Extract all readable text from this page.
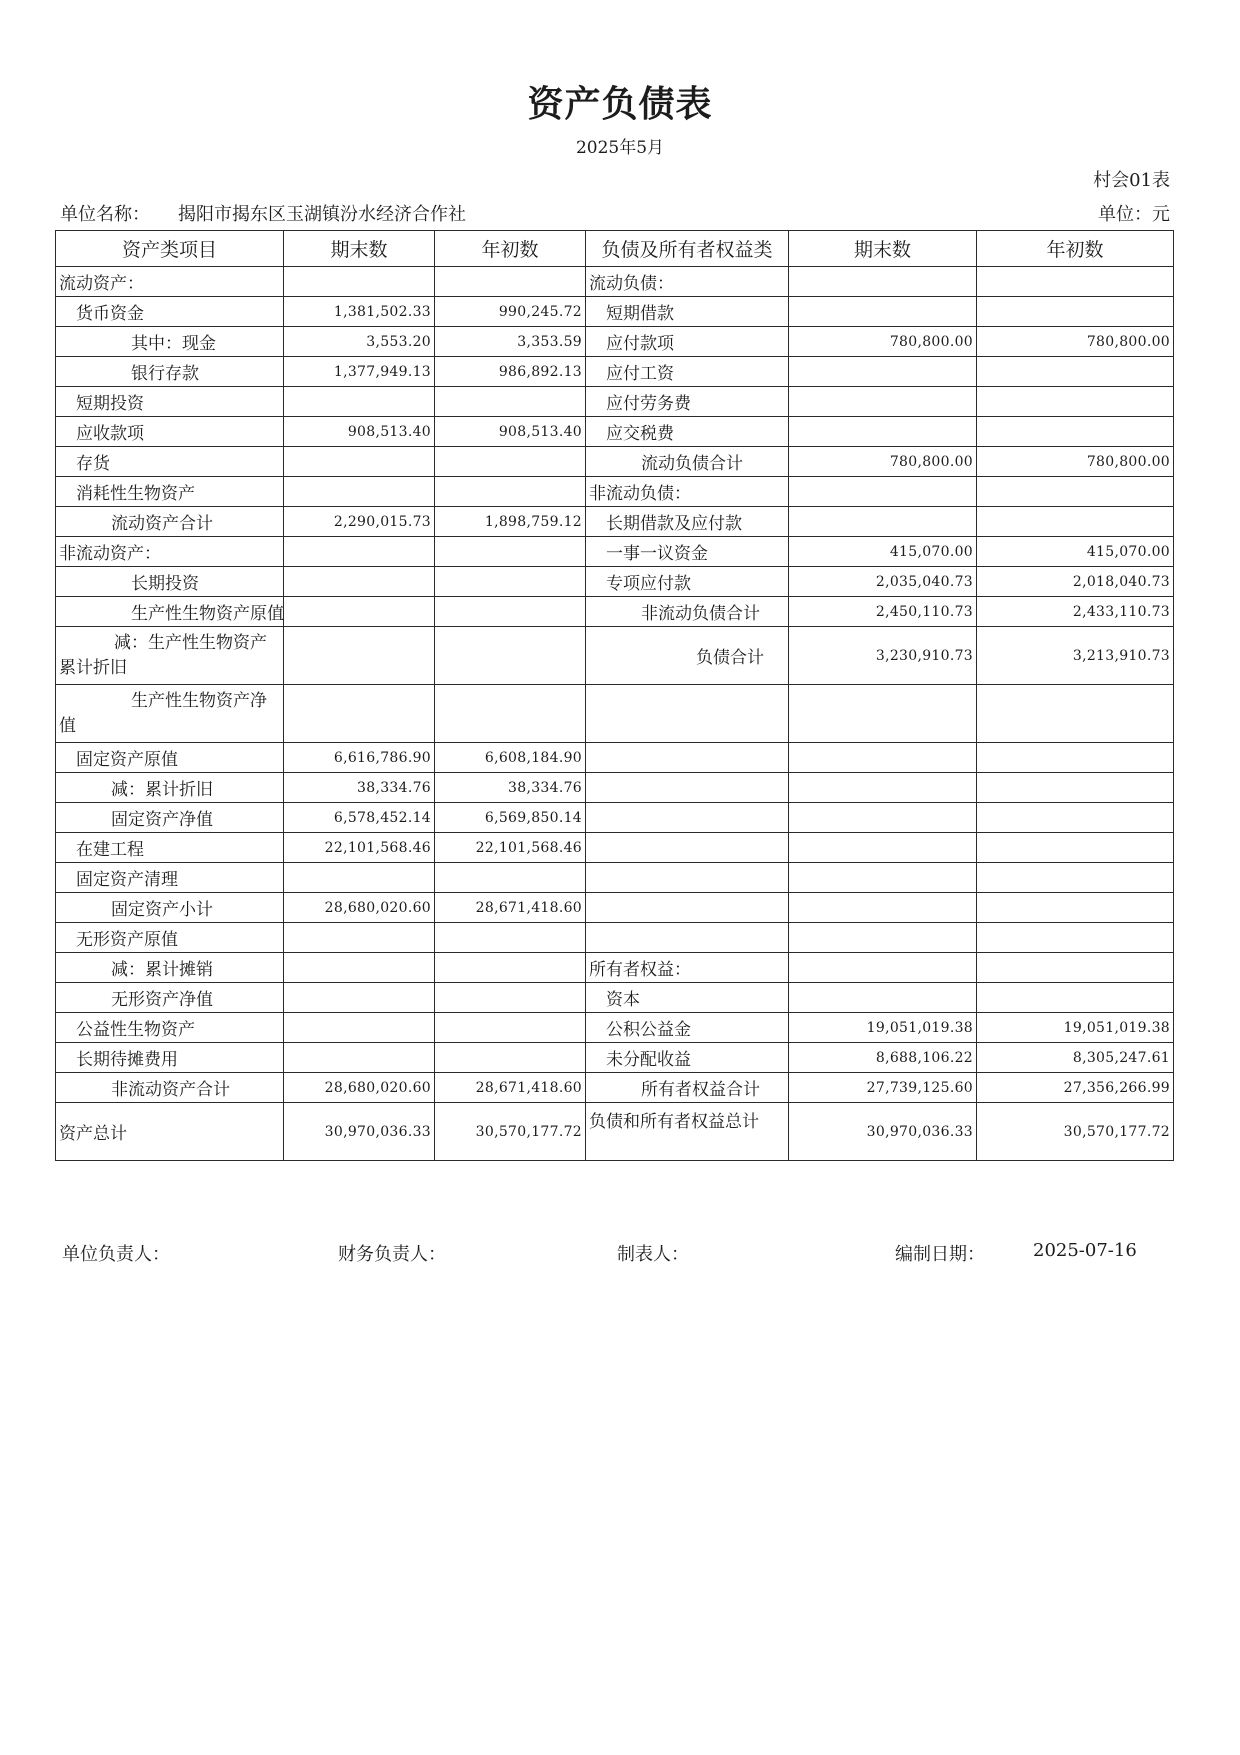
资产负债表
2025年5月
村会01表
单位名称： 揭阳市揭东区玉湖镇汾水经济合作社	单位：元
资产类项目	期末数	年初数	负债及所有者权益类	期末数	年初数
流动资产：			流动负债：		
货币资金	1,381,502.33	990,245.72	短期借款		
其中：现金	3,553.20	3,353.59	应付款项	780,800.00	780,800.00
银行存款	1,377,949.13	986,892.13	应付工资		
短期投资			应付劳务费		
应收款项	908,513.40	908,513.40	应交税费		
存货			流动负债合计	780,800.00	780,800.00
消耗性生物资产			非流动负债：		
流动资产合计	2,290,015.73	1,898,759.12	长期借款及应付款		
非流动资产：			一事一议资金	415,070.00	415,070.00
长期投资			专项应付款	2,035,040.73	2,018,040.73
生产性生物资产原值			非流动负债合计	2,450,110.73	2,433,110.73
减：生产性生物资产累计折旧			负债合计	3,230,910.73	3,213,910.73
生产性生物资产净值					
固定资产原值	6,616,786.90	6,608,184.90			
减：累计折旧	38,334.76	38,334.76			
固定资产净值	6,578,452.14	6,569,850.14			
在建工程	22,101,568.46	22,101,568.46			
固定资产清理					
固定资产小计	28,680,020.60	28,671,418.60			
无形资产原值					
减：累计摊销			所有者权益：		
无形资产净值			资本		
公益性生物资产			公积公益金	19,051,019.38	19,051,019.38
长期待摊费用			未分配收益	8,688,106.22	8,305,247.61
非流动资产合计	28,680,020.60	28,671,418.60	所有者权益合计	27,739,125.60	27,356,266.99
资产总计	30,970,036.33	30,570,177.72	负债和所有者权益总计	30,970,036.33	30,570,177.72
单位负责人：	财务负责人：	制表人：	编制日期：	2025-07-16
